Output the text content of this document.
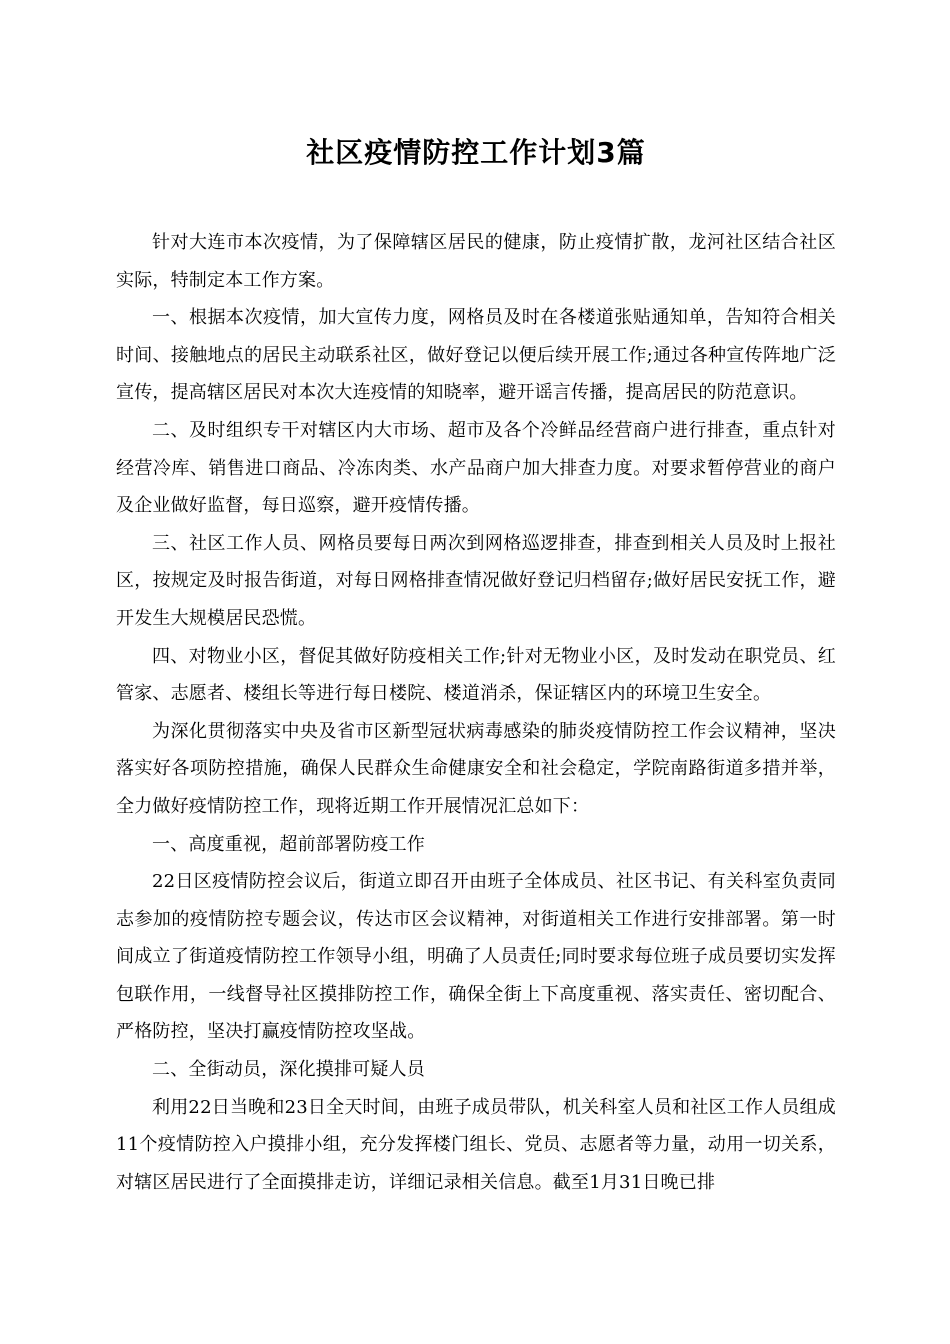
社区疫情防控工作计划3篇

针对大连市本次疫情，为了保障辖区居民的健康，防止疫情扩散，龙河社区结合社区实际，特制定本工作方案。

一、根据本次疫情，加大宣传力度，网格员及时在各楼道张贴通知单，告知符合相关时间、接触地点的居民主动联系社区，做好登记以便后续开展工作;通过各种宣传阵地广泛宣传，提高辖区居民对本次大连疫情的知晓率，避开谣言传播，提高居民的防范意识。

二、及时组织专干对辖区内大市场、超市及各个冷鲜品经营商户进行排查，重点针对经营冷库、销售进口商品、冷冻肉类、水产品商户加大排查力度。对要求暂停营业的商户及企业做好监督，每日巡察，避开疫情传播。

三、社区工作人员、网格员要每日两次到网格巡逻排查，排查到相关人员及时上报社区，按规定及时报告街道，对每日网格排查情况做好登记归档留存;做好居民安抚工作，避开发生大规模居民恐慌。

四、对物业小区，督促其做好防疫相关工作;针对无物业小区，及时发动在职党员、红管家、志愿者、楼组长等进行每日楼院、楼道消杀，保证辖区内的环境卫生安全。

为深化贯彻落实中央及省市区新型冠状病毒感染的肺炎疫情防控工作会议精神，坚决落实好各项防控措施，确保人民群众生命健康安全和社会稳定，学院南路街道多措并举，全力做好疫情防控工作，现将近期工作开展情况汇总如下：

一、高度重视，超前部署防疫工作

22日区疫情防控会议后，街道立即召开由班子全体成员、社区书记、有关科室负责同志参加的疫情防控专题会议，传达市区会议精神，对街道相关工作进行安排部署。第一时间成立了街道疫情防控工作领导小组，明确了人员责任;同时要求每位班子成员要切实发挥包联作用，一线督导社区摸排防控工作，确保全街上下高度重视、落实责任、密切配合、严格防控，坚决打赢疫情防控攻坚战。

二、全街动员，深化摸排可疑人员

利用22日当晚和23日全天时间，由班子成员带队，机关科室人员和社区工作人员组成11个疫情防控入户摸排小组，充分发挥楼门组长、党员、志愿者等力量，动用一切关系，对辖区居民进行了全面摸排走访，详细记录相关信息。截至1月31日晚已排
